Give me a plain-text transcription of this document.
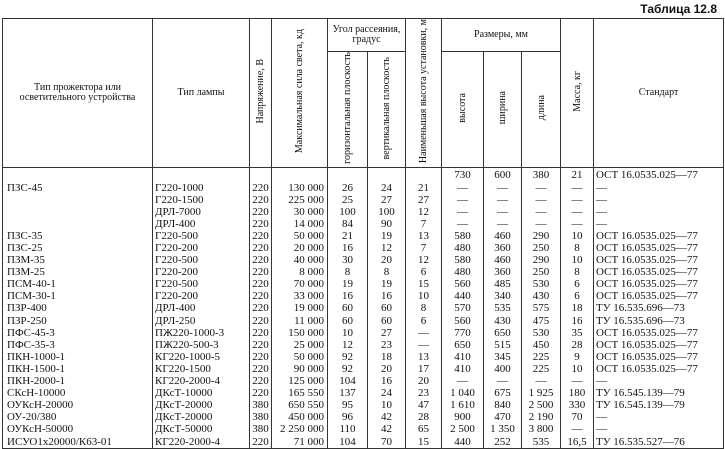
Таблица 12.8
Тип прожектора или осветительного устройства	Тип лампы	Напряжение, В	Максимальная сила света, кд	Угол рассеяния, градус		Наименьшая высота установки, м	Размеры, мм			Масса, кг	Стандарт
				горизонтальная плоскость	вертикальная плоскость		высота	ширина	длина		
							730	600	380	21	ОСТ 16.0535.025—77
ПЗС-45	Г220-1000	220	130 000	26	24	21	—	—	—	—	—
	Г220-1500	220	225 000	25	27	27	—	—	—	—	—
	ДРЛ-7000	220	30 000	100	100	12	—	—	—	—	—
	ДРЛ-400	220	14 000	84	90	7	—	—	—	—	—
ПЗС-35	Г220-500	220	50 000	21	19	13	580	460	290	10	ОСТ 16.0535.025—77
ПЗС-25	Г220-200	220	20 000	16	12	7	480	360	250	8	ОСТ 16.0535.025—77
ПЗМ-35	Г220-500	220	40 000	30	20	12	580	460	290	10	ОСТ 16.0535.025—77
ПЗМ-25	Г220-200	220	8 000	8	8	6	480	360	250	8	ОСТ 16.0535.025—77
ПСМ-40-1	Г220-500	220	70 000	19	19	15	560	485	530	6	ОСТ 16.0535.025—77
ПСМ-30-1	Г220-200	220	33 000	16	16	10	440	340	430	6	ОСТ 16.0535.025—77
ПЗР-400	ДРЛ-400	220	19 000	60	60	8	570	535	575	18	ТУ 16.535.696—73
ПЗР-250	ДРЛ-250	220	11 000	60	60	6	560	430	475	16	ТУ 16.535.696—73
ПФС-45-3	ПЖ220-1000-3	220	150 000	10	27	—	770	650	530	35	ОСТ 16.0535.025—77
ПФС-35-3	ПЖ220-500-3	220	25 000	12	23	—	650	515	450	28	ОСТ 16.0535.025—77
ПКН-1000-1	КГ220-1000-5	220	50 000	92	18	13	410	345	225	9	ОСТ 16.0535.025—77
ПКН-1500-1	КГ220-1500	220	90 000	92	20	17	410	400	225	10	ОСТ 16.0535.025—77
ПКН-2000-1	КГ220-2000-4	220	125 000	104	16	20	—	—	—	—	—
СКсН-10000	ДКсТ-10000	220	165 550	137	24	23	1 040	675	1 925	180	ТУ 16.545.139—79
ОУКсН-20000	ДКсТ-20000	380	650 550	95	10	47	1 610	840	2 500	330	ТУ 16.545.139—79
ОУ-20/380	ДКсТ-20000	380	450 000	96	42	28	900	470	2 190	70	—
ОУКсН-50000	ДКсТ-50000	380	2 250 000	110	42	65	2 500	1 350	3 800	—	—
ИСУО1х20000/К63-01	КГ220-2000-4	220	71 000	104	70	15	440	252	535	16,5	ТУ 16.535.527—76
